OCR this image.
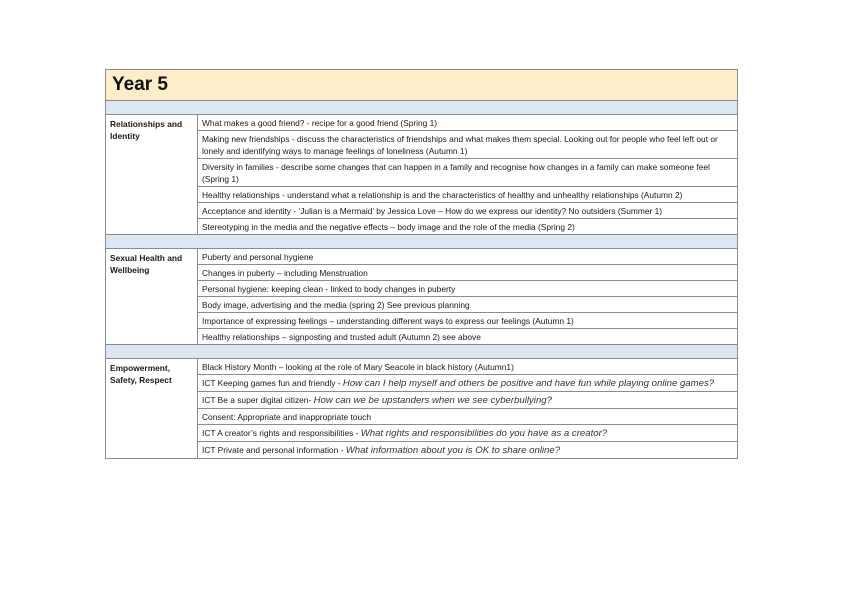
Year 5	

Relationships and Identity	What makes a good friend? - recipe for a good friend (Spring 1)
	Making new friendships - discuss the characteristics of friendships and what makes them special. Looking out for people who feel left out or lonely and identifying ways to manage feelings of loneliness (Autumn 1)
	Diversity in families - describe some changes that can happen in a family and recognise how changes in a family can make someone feel (Spring 1)
	Healthy relationships - understand what a relationship is and the characteristics of healthy and unhealthy relationships (Autumn 2)
	Acceptance and identity - ‘Julian is a Mermaid’ by Jessica Love – How do we express our identity? No outsiders (Summer 1)
	Stereotyping in the media and the negative effects – body image and the role of the media (Spring 2)

Sexual Health and Wellbeing	Puberty and personal hygiene
	Changes in puberty – including Menstruation
	Personal hygiene: keeping clean - linked to body changes in puberty
	Body image, advertising and the media (spring 2) See previous planning
	Importance of expressing feelings – understanding different ways to express our feelings (Autumn 1)
	Healthy relationships – signposting and trusted adult (Autumn 2) see above

Empowerment, Safety, Respect	Black History Month – looking at the role of Mary Seacole in black history (Autumn1)
	ICT Keeping games fun and friendly - How can I help myself and others be positive and have fun while playing online games?
	ICT Be a super digital citizen- How can we be upstanders when we see cyberbullying?
	Consent: Appropriate and inappropriate touch
	ICT A creator’s rights and responsibilities - What rights and responsibilities do you have as a creator?
	ICT Private and personal information - What information about you is OK to share online?
